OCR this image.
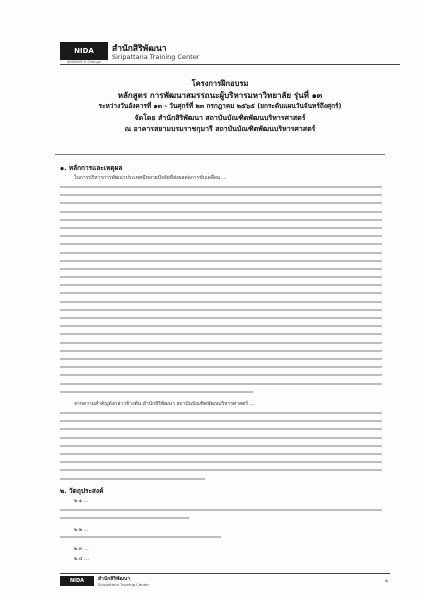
NIDA
WISDOM ✳ Change
สำนักสิริพัฒนา
Siripattana Training Center
โครงการฝึกอบรม
หลักสูตร การพัฒนาสมรรถนะผู้บริหารมหาวิทยาลัย รุ่นที่ ๑๓
ระหว่างวันอังคารที่ ๑๓ - วันศุกร์ที่ ๒๓ กรกฎาคม ๒๕๖๕ (ยกระดับแผนวันจันทร์ถึงศุกร์)
จัดโดย สำนักสิริพัฒนา สถาบันบัณฑิตพัฒนบริหารศาสตร์
ณ อาคารสยามบรมราชกุมารี สถาบันบัณฑิตพัฒนบริหารศาสตร์
๑. หลักการและเหตุผล
ในการบริหารการพัฒนาประเทศมีหลายปัจจัยที่ส่งผลต่อการขับเคลื่อน ...
จากความสำคัญดังกล่าวข้างต้น สำนักสิริพัฒนา สถาบันบัณฑิตพัฒนบริหารศาสตร์ ...
๒. วัตถุประสงค์
๒.๑ ...
๒.๒ ...
๒.๓ ...
๒.๔ ...
NIDA	สำนักสิริพัฒนา
Siripattana Training Center
๑
